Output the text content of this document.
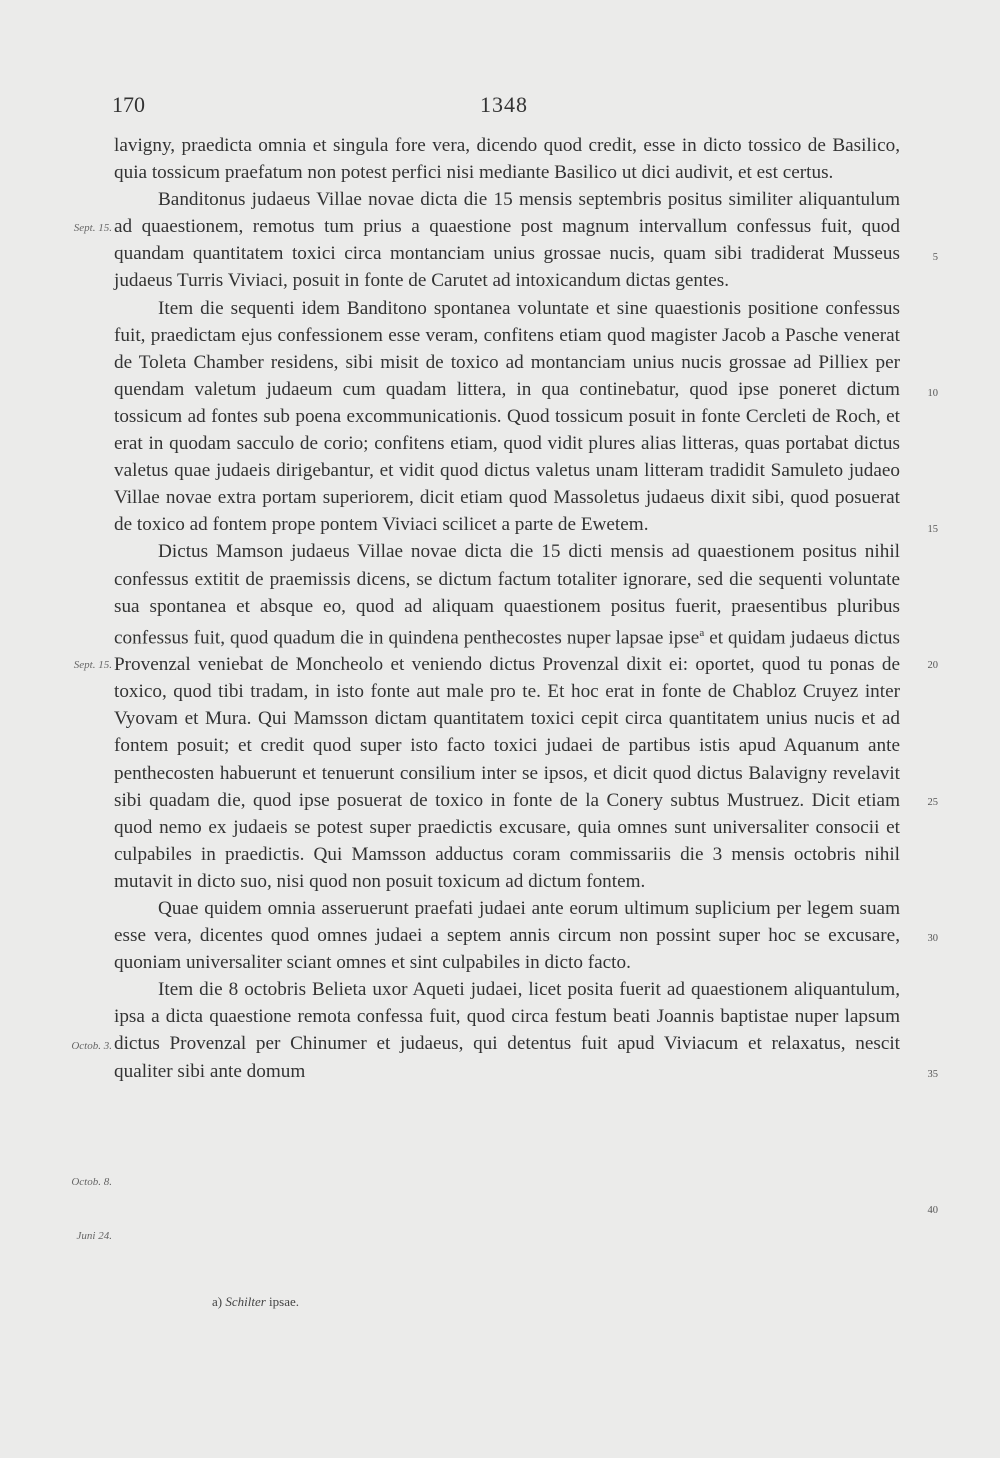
170	1348
Sept. 15.
Sept. 15.
Octob. 3.
Octob. 8.
Juni 24.
5
10
15
20
25
30
35
40

lavigny, praedicta omnia et singula fore vera, dicendo quod credit, esse in dicto tossico de Basilico, quia tossicum praefatum non potest perfici nisi mediante Basilico ut dici audivit, et est certus.

Banditonus judaeus Villae novae dicta die 15 mensis septembris positus similiter aliquantulum ad quaestionem, remotus tum prius a quaestione post magnum intervallum confessus fuit, quod quandam quantitatem toxici circa montanciam unius grossae nucis, quam sibi tradiderat Musseus judaeus Turris Viviaci, posuit in fonte de Carutet ad intoxicandum dictas gentes.

Item die sequenti idem Banditono spontanea voluntate et sine quaestionis positione confessus fuit, praedictam ejus confessionem esse veram, confitens etiam quod magister Jacob a Pasche venerat de Toleta Chamber residens, sibi misit de toxico ad montanciam unius nucis grossae ad Pilliex per quendam valetum judaeum cum quadam littera, in qua continebatur, quod ipse poneret dictum tossicum ad fontes sub poena excommunicationis. Quod tossicum posuit in fonte Cercleti de Roch, et erat in quodam sacculo de corio; confitens etiam, quod vidit plures alias litteras, quas portabat dictus valetus quae judaeis dirigebantur, et vidit quod dictus valetus unam litteram tradidit Samuleto judaeo Villae novae extra portam superiorem, dicit etiam quod Massoletus judaeus dixit sibi, quod posuerat de toxico ad fontem prope pontem Viviaci scilicet a parte de Ewetem.

Dictus Mamson judaeus Villae novae dicta die 15 dicti mensis ad quaestionem positus nihil confessus extitit de praemissis dicens, se dictum factum totaliter ignorare, sed die sequenti voluntate sua spontanea et absque eo, quod ad aliquam quaestionem positus fuerit, praesentibus pluribus confessus fuit, quod quadum die in quindena penthecostes nuper lapsae ipse$^a$ et quidam judaeus dictus Provenzal veniebat de Moncheolo et veniendo dictus Provenzal dixit ei: oportet, quod tu ponas de toxico, quod tibi tradam, in isto fonte aut male pro te. Et hoc erat in fonte de Chabloz Cruyez inter Vyovam et Mura. Qui Mamsson dictam quantitatem toxici cepit circa quantitatem unius nucis et ad fontem posuit; et credit quod super isto facto toxici judaei de partibus istis apud Aquanum ante penthecosten habuerunt et tenuerunt consilium inter se ipsos, et dicit quod dictus Balavigny revelavit sibi quadam die, quod ipse posuerat de toxico in fonte de la Conery subtus Mustruez. Dicit etiam quod nemo ex judaeis se potest super praedictis excusare, quia omnes sunt universaliter consocii et culpabiles in praedictis. Qui Mamsson adductus coram commissariis die 3 mensis octobris nihil mutavit in dicto suo, nisi quod non posuit toxicum ad dictum fontem.

Quae quidem omnia asseruerunt praefati judaei ante eorum ultimum suplicium per legem suam esse vera, dicentes quod omnes judaei a septem annis circum non possint super hoc se excusare, quoniam universaliter sciant omnes et sint culpabiles in dicto facto.

Item die 8 octobris Belieta uxor Aqueti judaei, licet posita fuerit ad quaestionem aliquantulum, ipsa a dicta quaestione remota confessa fuit, quod circa festum beati Joannis baptistae nuper lapsum dictus Provenzal per Chinumer et judaeus, qui detentus fuit apud Viviacum et relaxatus, nescit qualiter sibi ante domum

a) Schilter ipsae.
